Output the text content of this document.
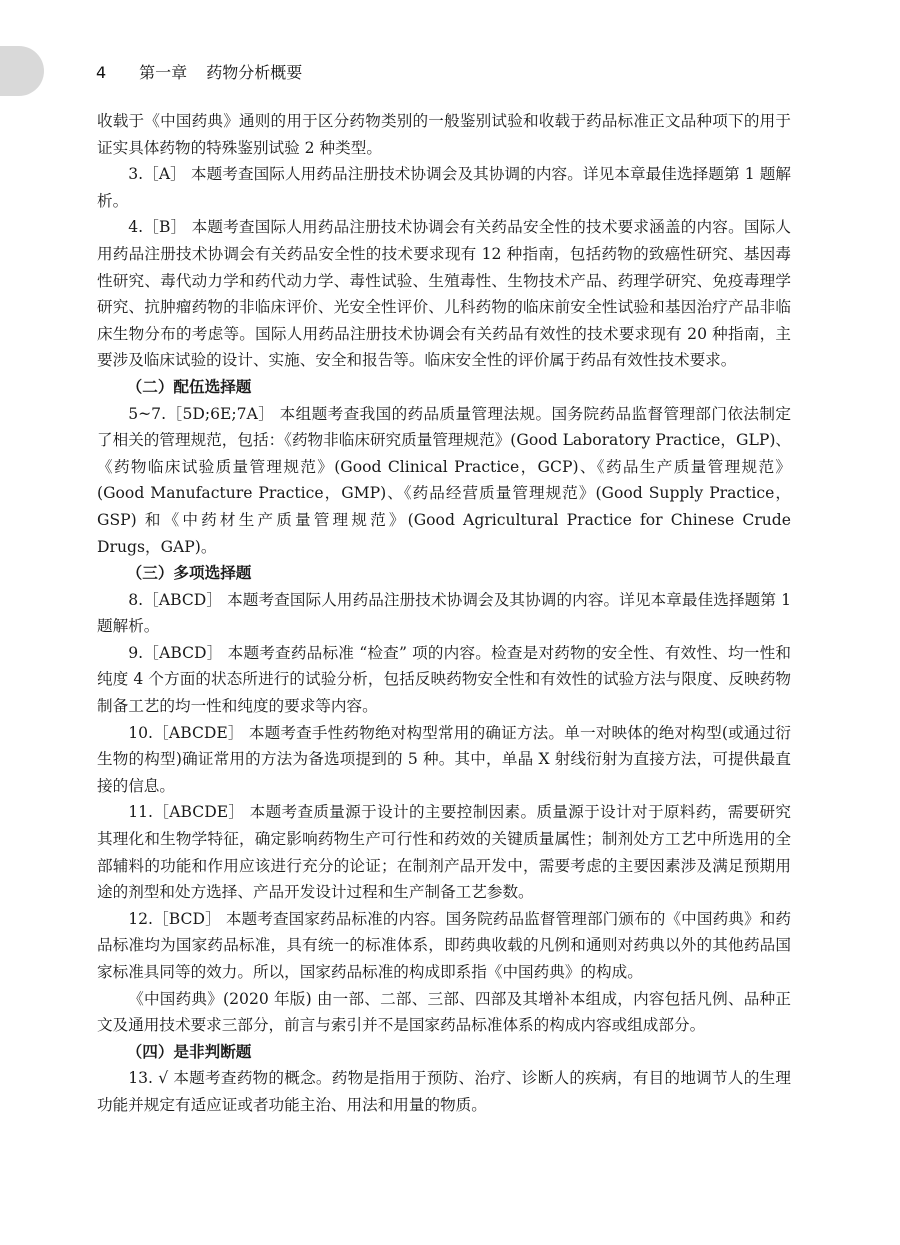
4 第一章 药物分析概要

收载于《中国药典》通则的用于区分药物类别的一般鉴别试验和收载于药品标准正文品种项下的用于证实具体药物的特殊鉴别试验 2 种类型。

3.［A］ 本题考查国际人用药品注册技术协调会及其协调的内容。详见本章最佳选择题第 1 题解析。

4.［B］ 本题考查国际人用药品注册技术协调会有关药品安全性的技术要求涵盖的内容。国际人用药品注册技术协调会有关药品安全性的技术要求现有 12 种指南，包括药物的致癌性研究、基因毒性研究、毒代动力学和药代动力学、毒性试验、生殖毒性、生物技术产品、药理学研究、免疫毒理学研究、抗肿瘤药物的非临床评价、光安全性评价、儿科药物的临床前安全性试验和基因治疗产品非临床生物分布的考虑等。国际人用药品注册技术协调会有关药品有效性的技术要求现有 20 种指南，主要涉及临床试验的设计、实施、安全和报告等。临床安全性的评价属于药品有效性技术要求。

（二）配伍选择题

5~7.［5D;6E;7A］ 本组题考查我国的药品质量管理法规。国务院药品监督管理部门依法制定了相关的管理规范，包括：《药物非临床研究质量管理规范》(Good Laboratory Practice，GLP)、《药物临床试验质量管理规范》(Good Clinical Practice，GCP)、《药品生产质量管理规范》(Good Manufacture Practice，GMP)、《药品经营质量管理规范》(Good Supply Practice，GSP) 和《中药材生产质量管理规范》(Good Agricultural Practice for Chinese Crude Drugs，GAP)。

（三）多项选择题

8.［ABCD］ 本题考查国际人用药品注册技术协调会及其协调的内容。详见本章最佳选择题第 1 题解析。

9.［ABCD］ 本题考查药品标准 “检查” 项的内容。检查是对药物的安全性、有效性、均一性和纯度 4 个方面的状态所进行的试验分析，包括反映药物安全性和有效性的试验方法与限度、反映药物制备工艺的均一性和纯度的要求等内容。

10.［ABCDE］ 本题考查手性药物绝对构型常用的确证方法。单一对映体的绝对构型(或通过衍生物的构型)确证常用的方法为备选项提到的 5 种。其中，单晶 X 射线衍射为直接方法，可提供最直接的信息。

11.［ABCDE］ 本题考查质量源于设计的主要控制因素。质量源于设计对于原料药，需要研究其理化和生物学特征，确定影响药物生产可行性和药效的关键质量属性；制剂处方工艺中所选用的全部辅料的功能和作用应该进行充分的论证；在制剂产品开发中，需要考虑的主要因素涉及满足预期用途的剂型和处方选择、产品开发设计过程和生产制备工艺参数。

12.［BCD］ 本题考查国家药品标准的内容。国务院药品监督管理部门颁布的《中国药典》和药品标准均为国家药品标准，具有统一的标准体系，即药典收载的凡例和通则对药典以外的其他药品国家标准具同等的效力。所以，国家药品标准的构成即系指《中国药典》的构成。

《中国药典》(2020 年版) 由一部、二部、三部、四部及其增补本组成，内容包括凡例、品种正文及通用技术要求三部分，前言与索引并不是国家药品标准体系的构成内容或组成部分。

（四）是非判断题

13. √ 本题考查药物的概念。药物是指用于预防、治疗、诊断人的疾病，有目的地调节人的生理功能并规定有适应证或者功能主治、用法和用量的物质。
